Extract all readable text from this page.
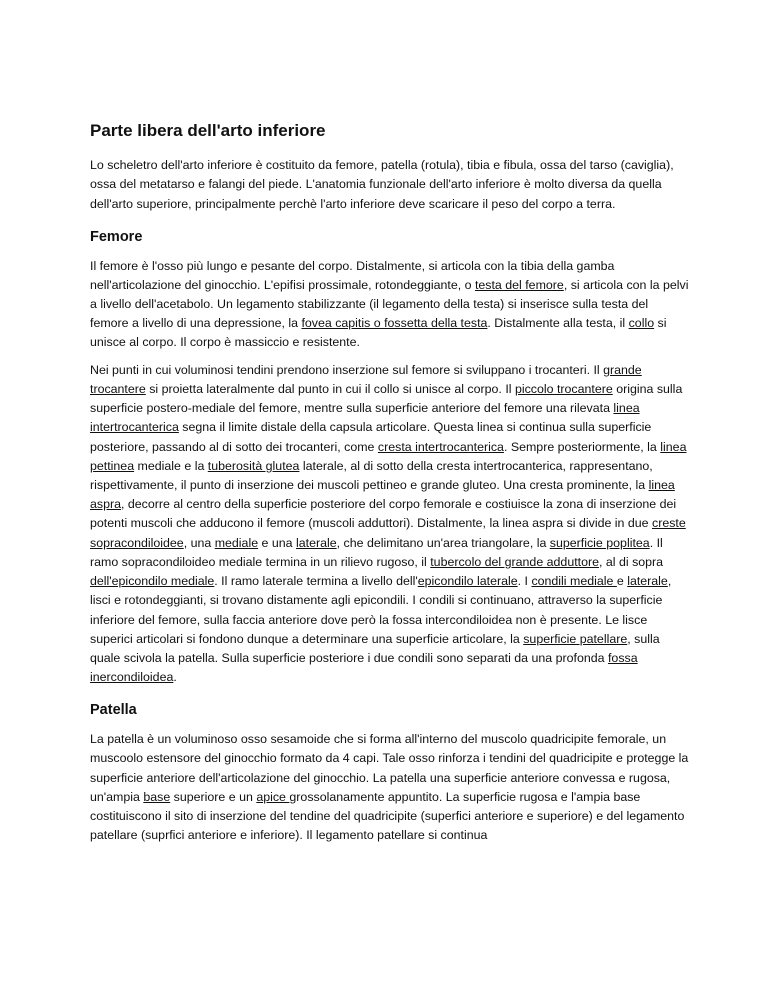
Parte libera dell'arto inferiore

Lo scheletro dell'arto inferiore è costituito da femore, patella (rotula), tibia e fibula, ossa del tarso (caviglia), ossa del metatarso e falangi del piede. L'anatomia funzionale dell'arto inferiore è molto diversa da quella dell'arto superiore, principalmente perchè l'arto inferiore deve scaricare il peso del corpo a terra.

Femore

Il femore è l'osso più lungo e pesante del corpo. Distalmente, si articola con la tibia della gamba nell'articolazione del ginocchio. L'epifisi prossimale, rotondeggiante, o testa del femore, si articola con la pelvi a livello dell'acetabolo. Un legamento stabilizzante (il legamento della testa) si inserisce sulla testa del femore a livello di una depressione, la fovea capitis o fossetta della testa. Distalmente alla testa, il collo si unisce al corpo. Il corpo è massiccio e resistente.

Nei punti in cui voluminosi tendini prendono inserzione sul femore si sviluppano i trocanteri. Il grande trocantere si proietta lateralmente dal punto in cui il collo si unisce al corpo. Il piccolo trocantere origina sulla superficie postero-mediale del femore, mentre sulla superficie anteriore del femore una rilevata linea intertrocanterica segna il limite distale della capsula articolare. Questa linea si continua sulla superficie posteriore, passando al di sotto dei trocanteri, come cresta intertrocanterica. Sempre posteriormente, la linea pettinea mediale e la tuberosità glutea laterale, al di sotto della cresta intertrocanterica, rappresentano, rispettivamente, il punto di inserzione dei muscoli pettineo e grande gluteo. Una cresta prominente, la linea aspra, decorre al centro della superficie posteriore del corpo femorale e costiuisce la zona di inserzione dei potenti muscoli che adducono il femore (muscoli adduttori). Distalmente, la linea aspra si divide in due creste sopracondiloidee, una mediale e una laterale, che delimitano un'area triangolare, la superficie poplitea. Il ramo sopracondiloideo mediale termina in un rilievo rugoso, il tubercolo del grande adduttore, al di sopra dell'epicondilo mediale. Il ramo laterale termina a livello dell'epicondilo laterale. I condili mediale e laterale, lisci e rotondeggianti, si trovano distamente agli epicondili. I condili si continuano, attraverso la superficie inferiore del femore, sulla faccia anteriore dove però la fossa intercondiloidea non è presente. Le lisce superici articolari si fondono dunque a determinare una superficie articolare, la superficie patellare, sulla quale scivola la patella. Sulla superficie posteriore i due condili sono separati da una profonda fossa inercondiloidea.

Patella

La patella è un voluminoso osso sesamoide che si forma all'interno del muscolo quadricipite femorale, un muscoolo estensore del ginocchio formato da 4 capi. Tale osso rinforza i tendini del quadricipite e protegge la superficie anteriore dell'articolazione del ginocchio. La patella una superficie anteriore convessa e rugosa, un'ampia base superiore e un apice grossolanamente appuntito. La superficie rugosa e l'ampia base costituiscono il sito di inserzione del tendine del quadricipite (superfici anteriore e superiore) e del legamento patellare (suprfici anteriore e inferiore). Il legamento patellare si continua
